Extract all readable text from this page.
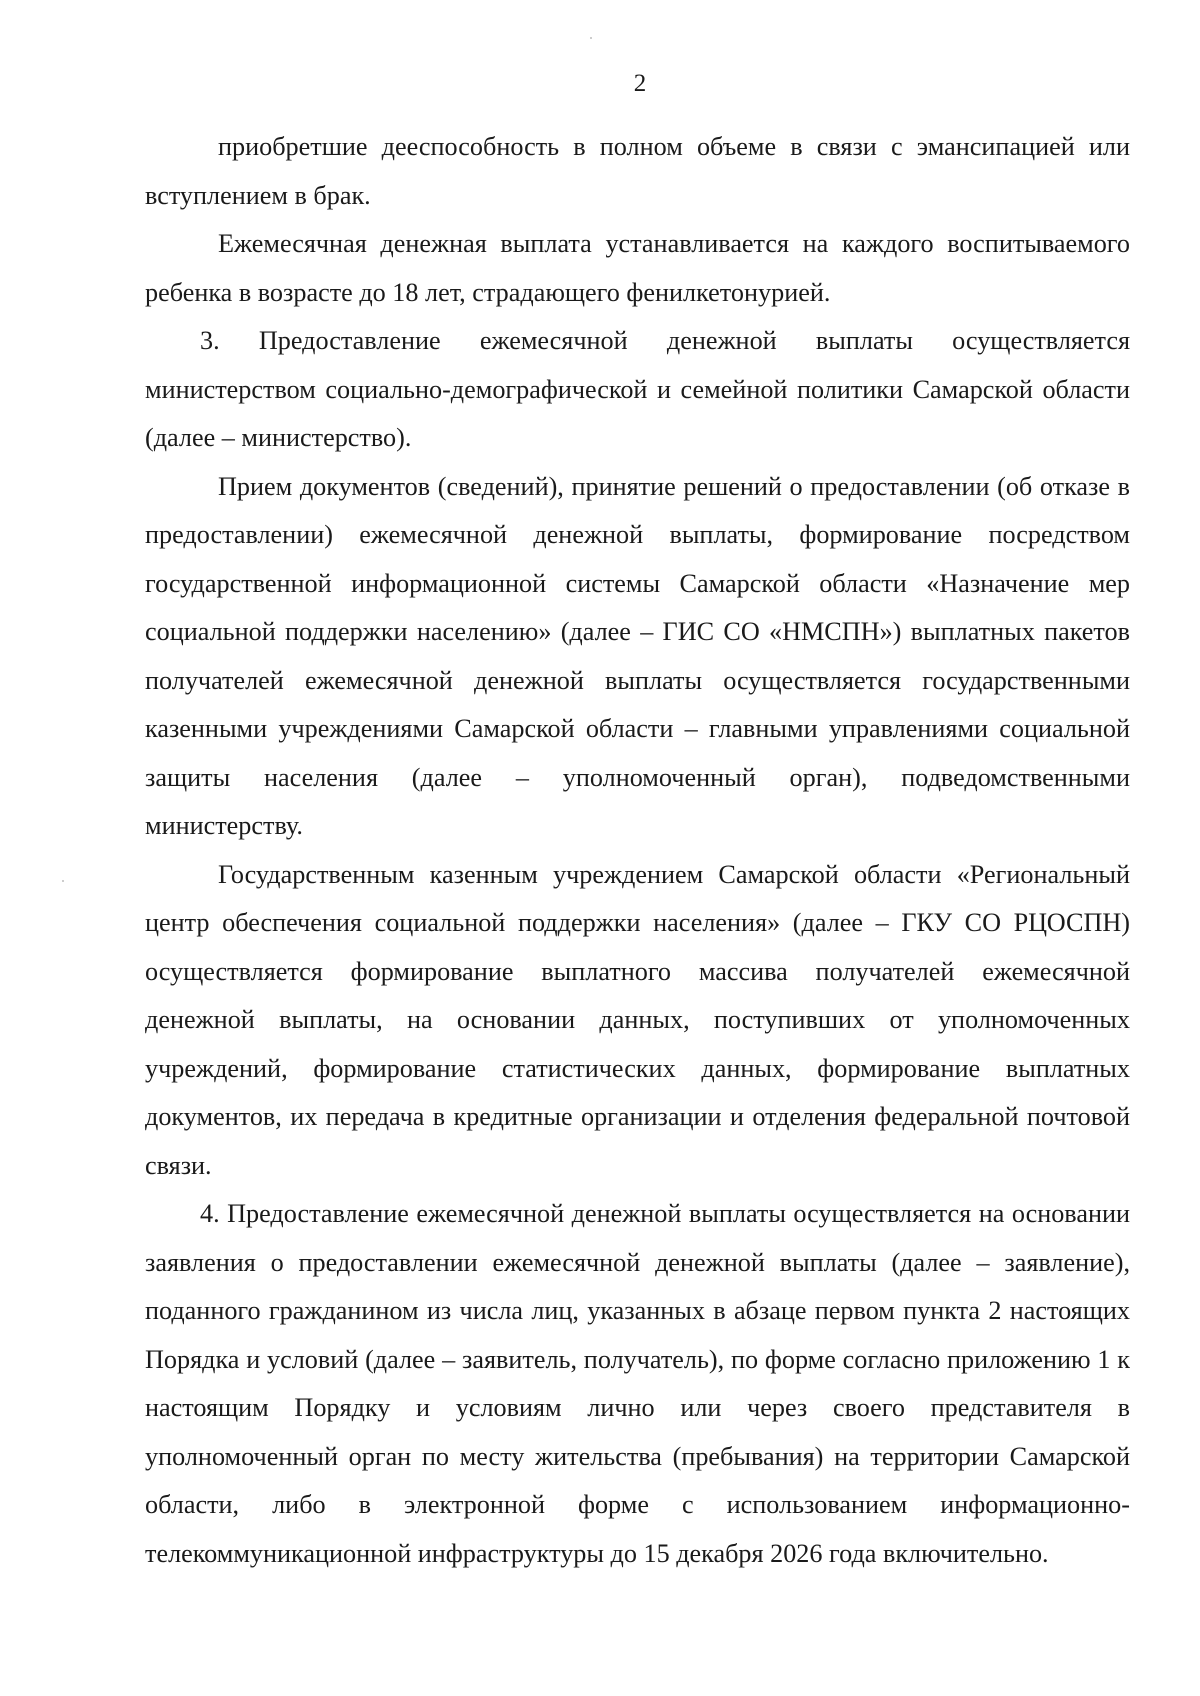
2

приобретшие дееспособность в полном объеме в связи с эмансипацией или вступлением в брак.

Ежемесячная денежная выплата устанавливается на каждого воспитываемого ребенка в возрасте до 18 лет, страдающего фенилкетонурией.

3. Предоставление ежемесячной денежной выплаты осуществляется министерством социально-демографической и семейной политики Самарской области (далее – министерство).

Прием документов (сведений), принятие решений о предоставлении (об отказе в предоставлении) ежемесячной денежной выплаты, формирование посредством государственной информационной системы Самарской области «Назначение мер социальной поддержки населению» (далее – ГИС СО «НМСПН») выплатных пакетов получателей ежемесячной денежной выплаты осуществляется государственными казенными учреждениями Самарской области – главными управлениями социальной защиты населения (далее – уполномоченный орган), подведомственными министерству.

Государственным казенным учреждением Самарской области «Региональный центр обеспечения социальной поддержки населения» (далее – ГКУ СО РЦОСПН) осуществляется формирование выплатного массива получателей ежемесячной денежной выплаты, на основании данных, поступивших от уполномоченных учреждений, формирование статистических данных, формирование выплатных документов, их передача в кредитные организации и отделения федеральной почтовой связи.

4. Предоставление ежемесячной денежной выплаты осуществляется на основании заявления о предоставлении ежемесячной денежной выплаты (далее – заявление), поданного гражданином из числа лиц, указанных в абзаце первом пункта 2 настоящих Порядка и условий (далее – заявитель, получатель), по форме согласно приложению 1 к настоящим Порядку и условиям лично или через своего представителя в уполномоченный орган по месту жительства (пребывания) на территории Самарской области, либо в электронной форме с использованием информационно-телекоммуникационной инфраструктуры до 15 декабря 2026 года включительно.
